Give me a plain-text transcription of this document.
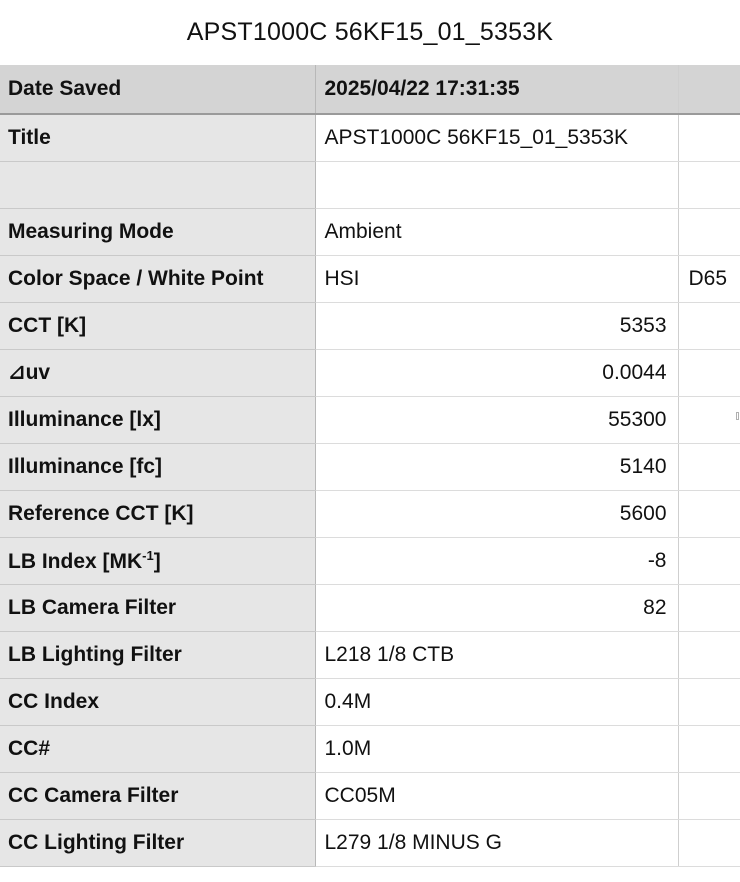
APST1000C 56KF15_01_5353K
Date Saved	2025/04/22 17:31:35	
Title	APST1000C 56KF15_01_5353K	

Measuring Mode	Ambient	
Color Space / White Point	HSI	D65
CCT [K]	5353	
⊿uv	0.0044	
Illuminance [lx]	55300	
Illuminance [fc]	5140	
Reference CCT [K]	5600	
LB Index $[MK^{-1}]$	-8	
LB Camera Filter	82	
LB Lighting Filter	L218 1/8 CTB	
CC Index	0.4M	
CC#	1.0M	
CC Camera Filter	CC05M	
CC Lighting Filter	L279 1/8 MINUS G	
